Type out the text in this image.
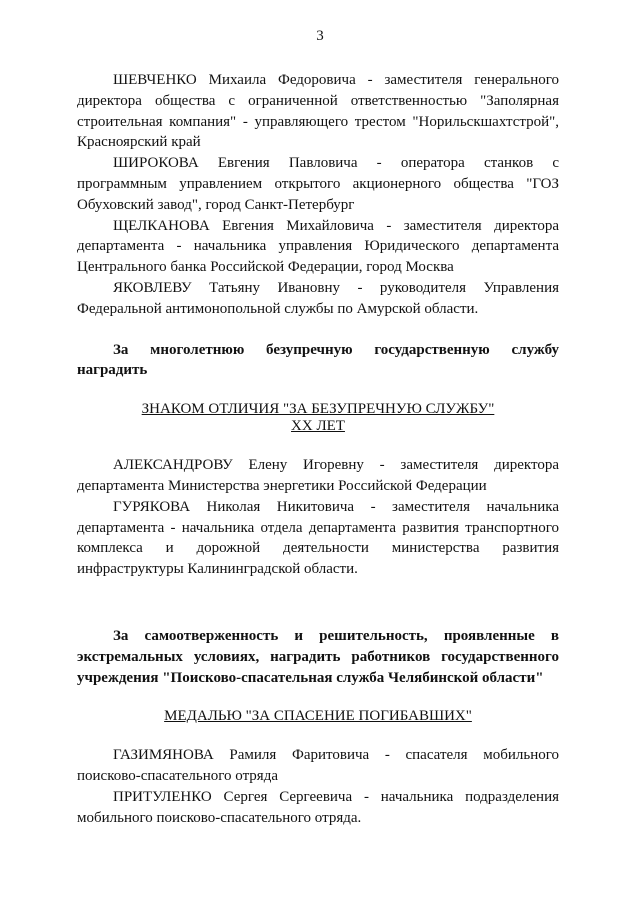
3

ШЕВЧЕНКО Михаила Федоровича - заместителя генерального директора общества с ограниченной ответственностью "Заполярная строительная компания" - управляющего трестом "Норильскшахтстрой", Красноярский край

ШИРОКОВА Евгения Павловича - оператора станков с программным управлением открытого акционерного общества "ГОЗ Обуховский завод", город Санкт-Петербург

ЩЕЛКАНОВА Евгения Михайловича - заместителя директора департамента - начальника управления Юридического департамента Центрального банка Российской Федерации, город Москва

ЯКОВЛЕВУ Татьяну Ивановну - руководителя Управления Федеральной антимонопольной службы по Амурской области.

За многолетнюю безупречную государственную службу наградить

ЗНАКОМ ОТЛИЧИЯ "ЗА БЕЗУПРЕЧНУЮ СЛУЖБУ"

XX ЛЕТ

АЛЕКСАНДРОВУ Елену Игоревну - заместителя директора департамента Министерства энергетики Российской Федерации

ГУРЯКОВА Николая Никитовича - заместителя начальника департамента - начальника отдела департамента развития транспортного комплекса и дорожной деятельности министерства развития инфраструктуры Калининградской области.

За самоотверженность и решительность, проявленные в экстремальных условиях, наградить работников государственного учреждения "Поисково-спасательная служба Челябинской области"

МЕДАЛЬЮ "ЗА СПАСЕНИЕ ПОГИБАВШИХ"

ГАЗИМЯНОВА Рамиля Фаритовича - спасателя мобильного поисково-спасательного отряда

ПРИТУЛЕНКО Сергея Сергеевича - начальника подразделения мобильного поисково-спасательного отряда.
